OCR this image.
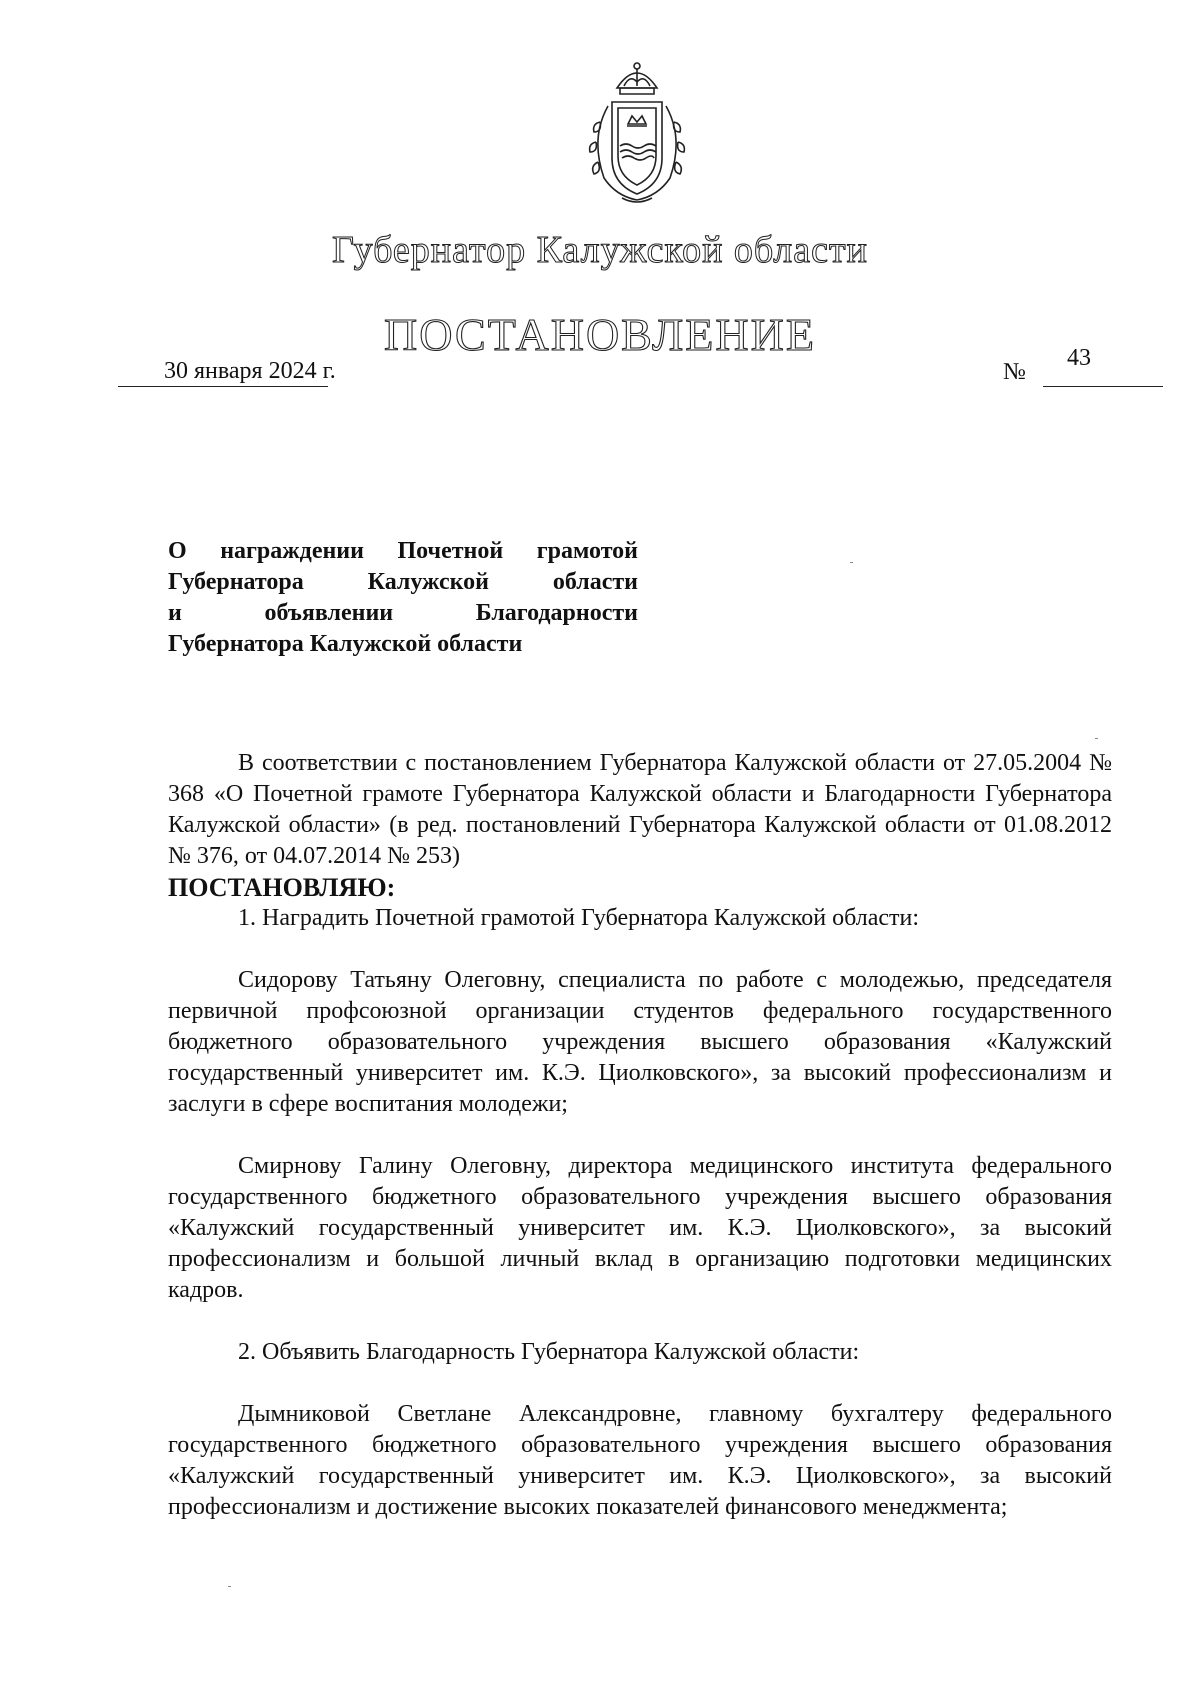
Губернатор Калужской области
ПОСТАНОВЛЕНИЕ
30 января 2024 г.	№
43
О награждении Почетной грамотой
Губернатора Калужской области
и объявлении Благодарности
Губернатора Калужской области

В соответствии с постановлением Губернатора Калужской области от 27.05.2004 № 368 «О Почетной грамоте Губернатора Калужской области и Благодарности Губернатора Калужской области» (в ред. постановлений Губернатора Калужской области от 01.08.2012 № 376, от 04.07.2014 № 253)

ПОСТАНОВЛЯЮ:

1. Наградить Почетной грамотой Губернатора Калужской области:

Сидорову Татьяну Олеговну, специалиста по работе с молодежью, председателя первичной профсоюзной организации студентов федерального государственного бюджетного образовательного учреждения высшего образования «Калужский государственный университет им. К.Э. Циолковского», за высокий профессионализм и заслуги в сфере воспитания молодежи;

Смирнову Галину Олеговну, директора медицинского института федерального государственного бюджетного образовательного учреждения высшего образования «Калужский государственный университет им. К.Э. Циолковского», за высокий профессионализм и большой личный вклад в организацию подготовки медицинских кадров.

2. Объявить Благодарность Губернатора Калужской области:

Дымниковой Светлане Александровне, главному бухгалтеру федерального государственного бюджетного образовательного учреждения высшего образования «Калужский государственный университет им. К.Э. Циолковского», за высокий профессионализм и достижение высоких показателей финансового менеджмента;
